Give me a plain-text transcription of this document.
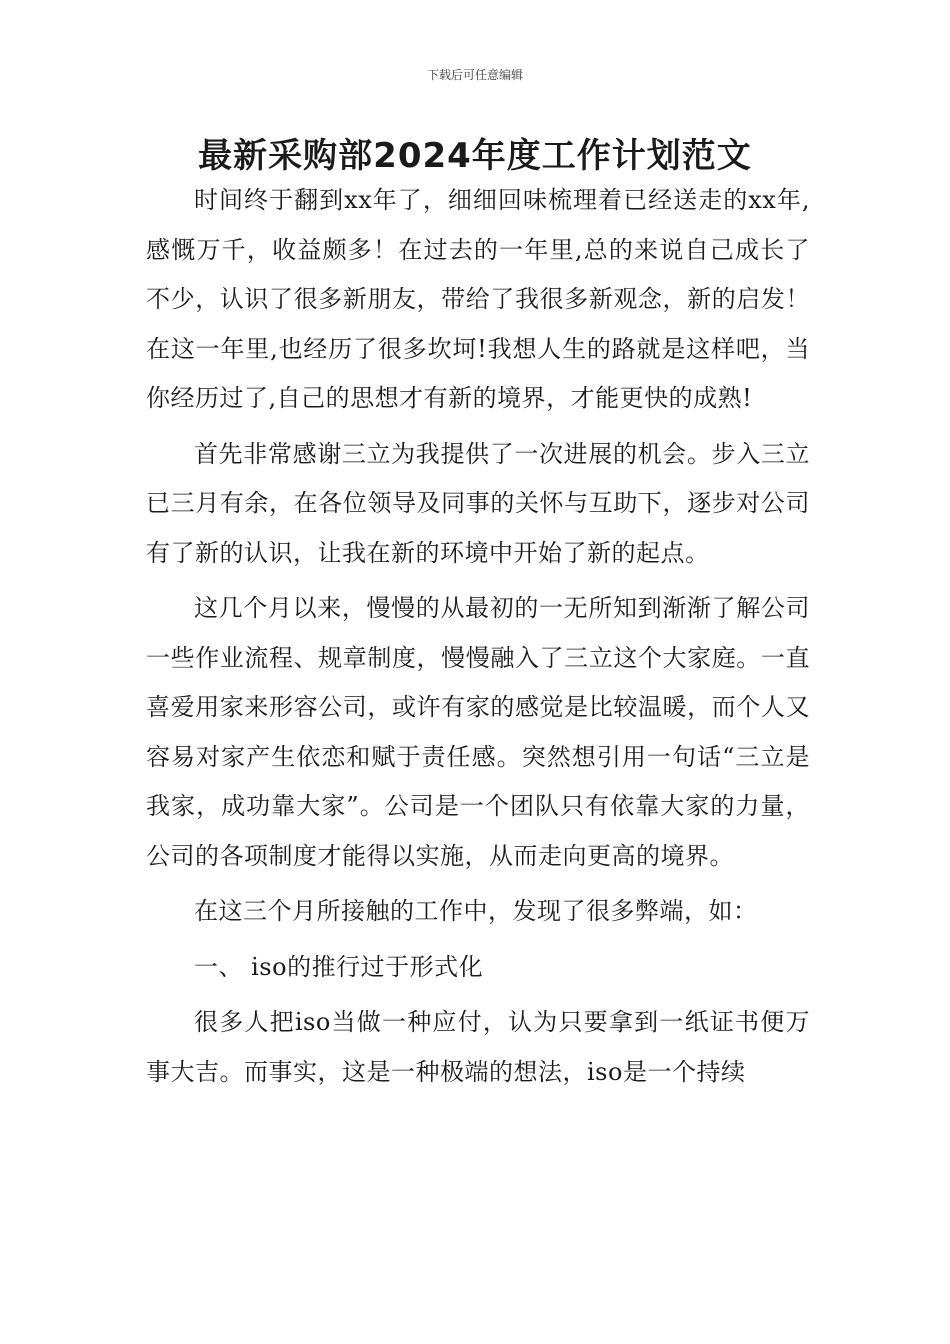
下载后可任意编辑
最新采购部2024年度工作计划范文

时间终于翻到xx年了，细细回味梳理着已经送走的xx年,感慨万千，收益颇多！在过去的一年里,总的来说自己成长了不少，认识了很多新朋友，带给了我很多新观念，新的启发！在这一年里,也经历了很多坎坷!我想人生的路就是这样吧，当你经历过了,自己的思想才有新的境界，才能更快的成熟!

首先非常感谢三立为我提供了一次进展的机会。步入三立已三月有余，在各位领导及同事的关怀与互助下，逐步对公司有了新的认识，让我在新的环境中开始了新的起点。

这几个月以来，慢慢的从最初的一无所知到渐渐了解公司一些作业流程、规章制度，慢慢融入了三立这个大家庭。一直喜爱用家来形容公司，或许有家的感觉是比较温暖，而个人又容易对家产生依恋和赋于责任感。突然想引用一句话“三立是我家，成功靠大家”。公司是一个团队只有依靠大家的力量，公司的各项制度才能得以实施，从而走向更高的境界。

在这三个月所接触的工作中，发现了很多弊端，如：

一、 iso的推行过于形式化

很多人把iso当做一种应付，认为只要拿到一纸证书便万事大吉。而事实，这是一种极端的想法，iso是一个持续
